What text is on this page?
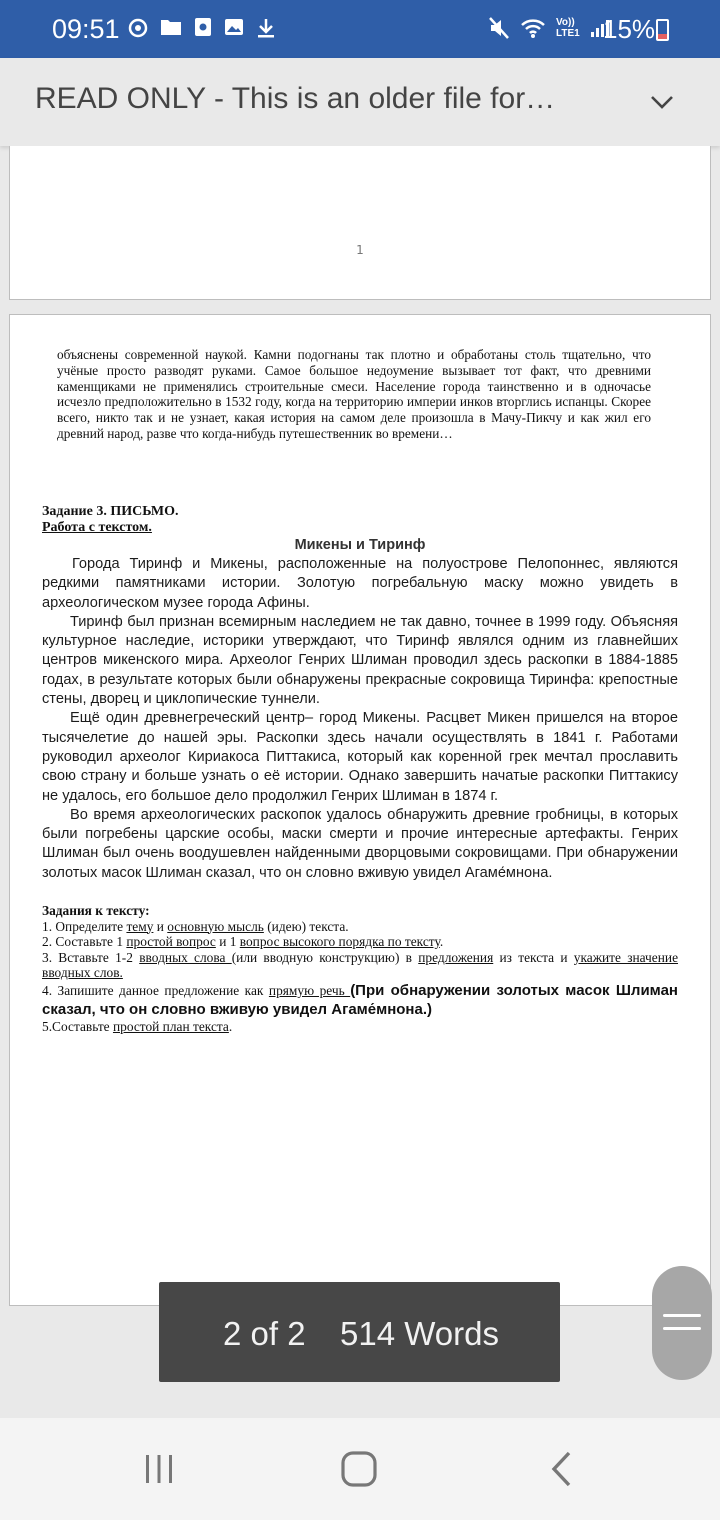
09:51	Vo))
LTE1 15%
READ ONLY - This is an older file for…
1
объяснены современной наукой. Камни подогнаны так плотно и обработаны столь тщательно, что учёные просто разводят руками. Самое большое недоумение вызывает тот факт, что древними каменщиками не применялись строительные смеси. Население города таинственно и в одночасье исчезло предположительно в 1532 году, когда на территорию империи инков вторглись испанцы. Скорее всего, никто так и не узнает, какая история на самом деле произошла в Мачу-Пикчу и как жил его древний народ, разве что когда-нибудь путешественник во времени…
Задание 3. ПИСЬМО.
Работа с текстом.
Микены и Тиринф

Города Тиринф и Микены, расположенные на полуострове Пелопоннес, являются редкими памятниками истории. Золотую погребальную маску можно увидеть в археологическом музее города Афины.

Тиринф был признан всемирным наследием не так давно, точнее в 1999 году. Объясняя культурное наследие, историки утверждают, что Тиринф являлся одним из главнейших центров микенского мира. Археолог Генрих Шлиман проводил здесь раскопки в 1884-1885 годах, в результате которых были обнаружены прекрасные сокровища Тиринфа: крепостные стены, дворец и циклопические туннели.

Ещё один древнегреческий центр– город Микены. Расцвет Микен пришелся на второе тысячелетие до нашей эры. Раскопки здесь начали осуществлять в 1841 г. Работами руководил археолог Кириакоса Питтакиса, который как коренной грек мечтал прославить свою страну и больше узнать о её истории. Однако завершить начатые раскопки Питтакису не удалось, его большое дело продолжил Генрих Шлиман в 1874 г.

Во время археологических раскопок удалось обнаружить древние гробницы, в которых были погребены царские особы, маски смерти и прочие интересные артефакты. Генрих Шлиман был очень воодушевлен найденными дворцовыми сокровищами. При обнаружении золотых масок Шлиман сказал, что он словно вживую увидел Агаме́мнона.

Задания к тексту:
1. Определите тему и основную мысль (идею) текста.
2. Составьте 1 простой вопрос и 1 вопрос высокого порядка по тексту.
3. Вставьте 1-2 вводных слова (или вводную конструкцию) в предложения из текста и укажите значение вводных слов.
4. Запишите данное предложение как прямую речь (При обнаружении золотых масок Шлиман сказал, что он словно вживую увидел Агаме́мнона.)
5.Составьте простой план текста.
2 of 2 514 Words
